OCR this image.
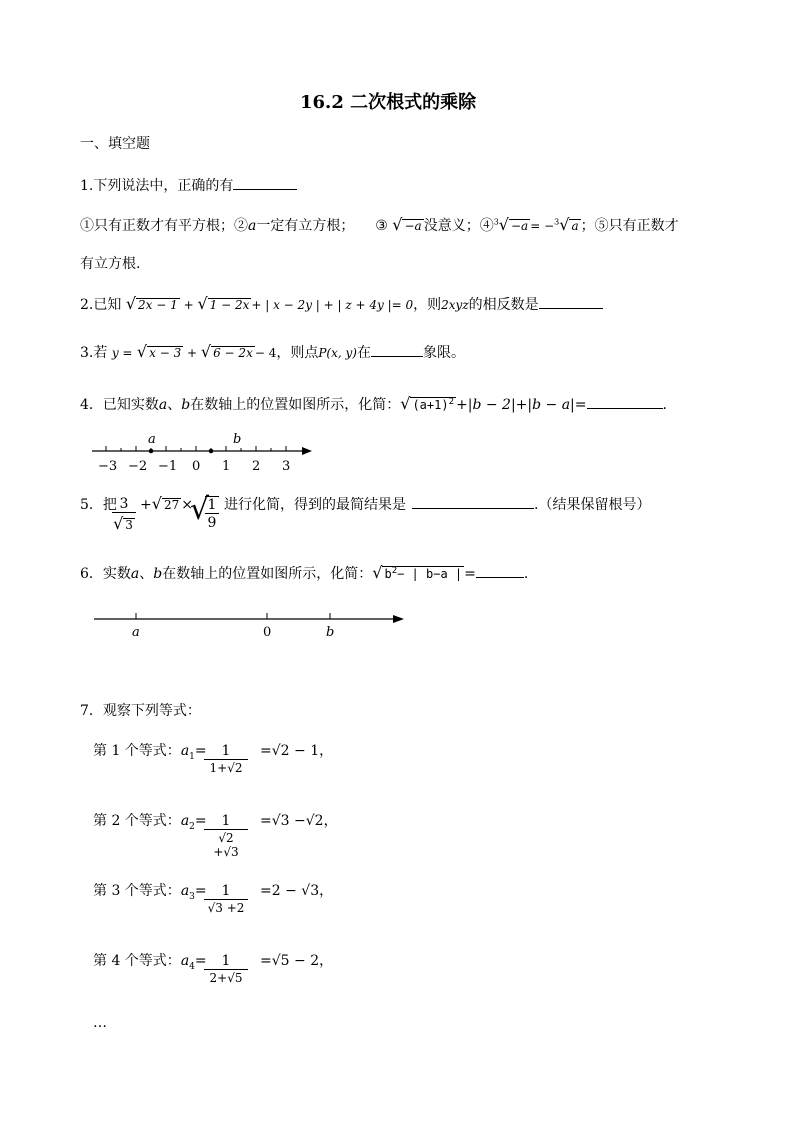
16.2 二次根式的乘除
一、填空题
1.下列说法中，正确的有
①只有正数才有平方根；②a一定有立方根； ③ √ −a 没意义；④$^3$√ −a = −$^3$√ a ；⑤只有正数才
有立方根.
2.已知 √ 2x − 1 + √ 1 − 2x + | x − 2y | + | z + 4y |= 0，则2xyz的相反数是
3.若 y = √ x − 3 + √ 6 − 2x − 4，则点P(x, y)在	象限。
4．已知实数a、b在数轴上的位置如图所示，化简：√ $(a+1)^2 +|b - 2|+|b - a|=$	.
−3 −2 −1 0 1 2 3
a	b
5．把
$\frac{3}{√ 3}$ +√ 27 ×
√
$\frac{1}{9}$ 进行化简，得到的最简结果是	.（结果保留根号）
6．实数a、b在数轴上的位置如图所示，化简：√ $b^2-$ | b−a | =	.
a	0	b
7．观察下列等式：
第 1 个等式：$a_1=$
$\frac{1}{1+√2} =√2 - 1$，
第 2 个等式：$a_2=$
$\frac{1}{√2 +√3} =√3 -√2$，
第 3 个等式：$a_3=$
$\frac{1}{√3 +2} =2 - √3$，
第 4 个等式：$a_4=$
$\frac{1}{2+√5} =√5 - 2$，
…
